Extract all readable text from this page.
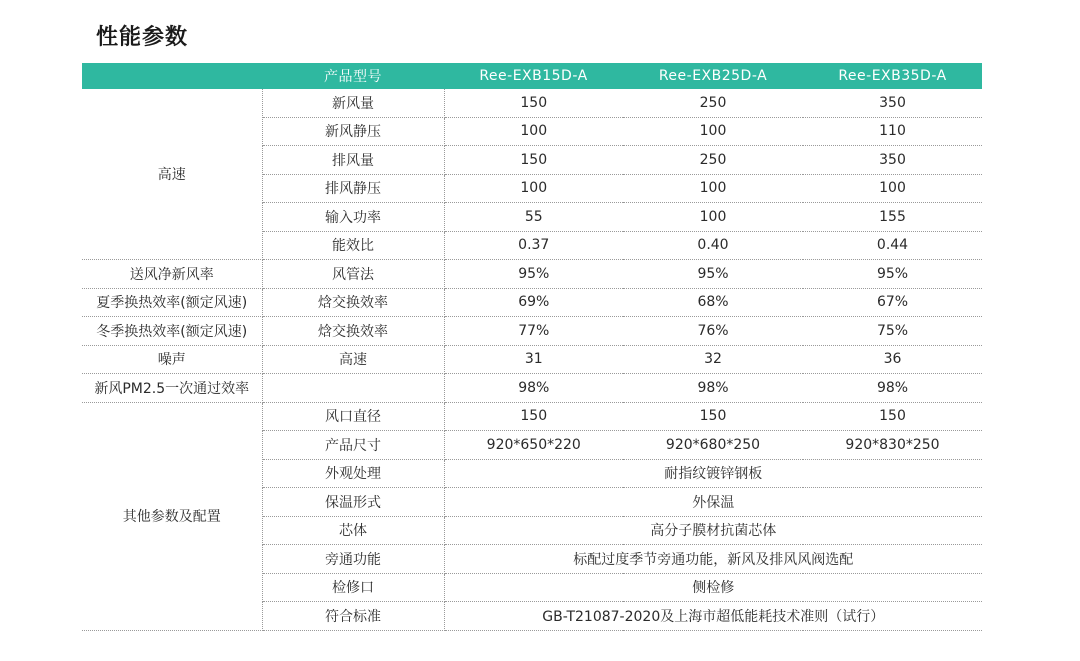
性能参数
	产品型号	Ree-EXB15D-A	Ree-EXB25D-A	Ree-EXB35D-A
高速	新风量	150	250	350
	新风静压	100	100	110
	排风量	150	250	350
	排风静压	100	100	100
	输入功率	55	100	155
	能效比	0.37	0.40	0.44
送风净新风率	风管法	95%	95%	95%
夏季换热效率(额定风速)	焓交换效率	69%	68%	67%
冬季换热效率(额定风速)	焓交换效率	77%	76%	75%
噪声	高速	31	32	36
新风PM2.5一次通过效率		98%	98%	98%
其他参数及配置	风口直径	150	150	150
	产品尺寸	920*650*220	920*680*250	920*830*250
	外观处理	耐指纹镀锌钢板		
	保温形式	外保温		
	芯体	高分子膜材抗菌芯体		
	旁通功能	标配过度季节旁通功能，新风及排风风阀选配		
	检修口	侧检修		
	符合标准	GB-T21087-2020及上海市超低能耗技术准则（试行）		
